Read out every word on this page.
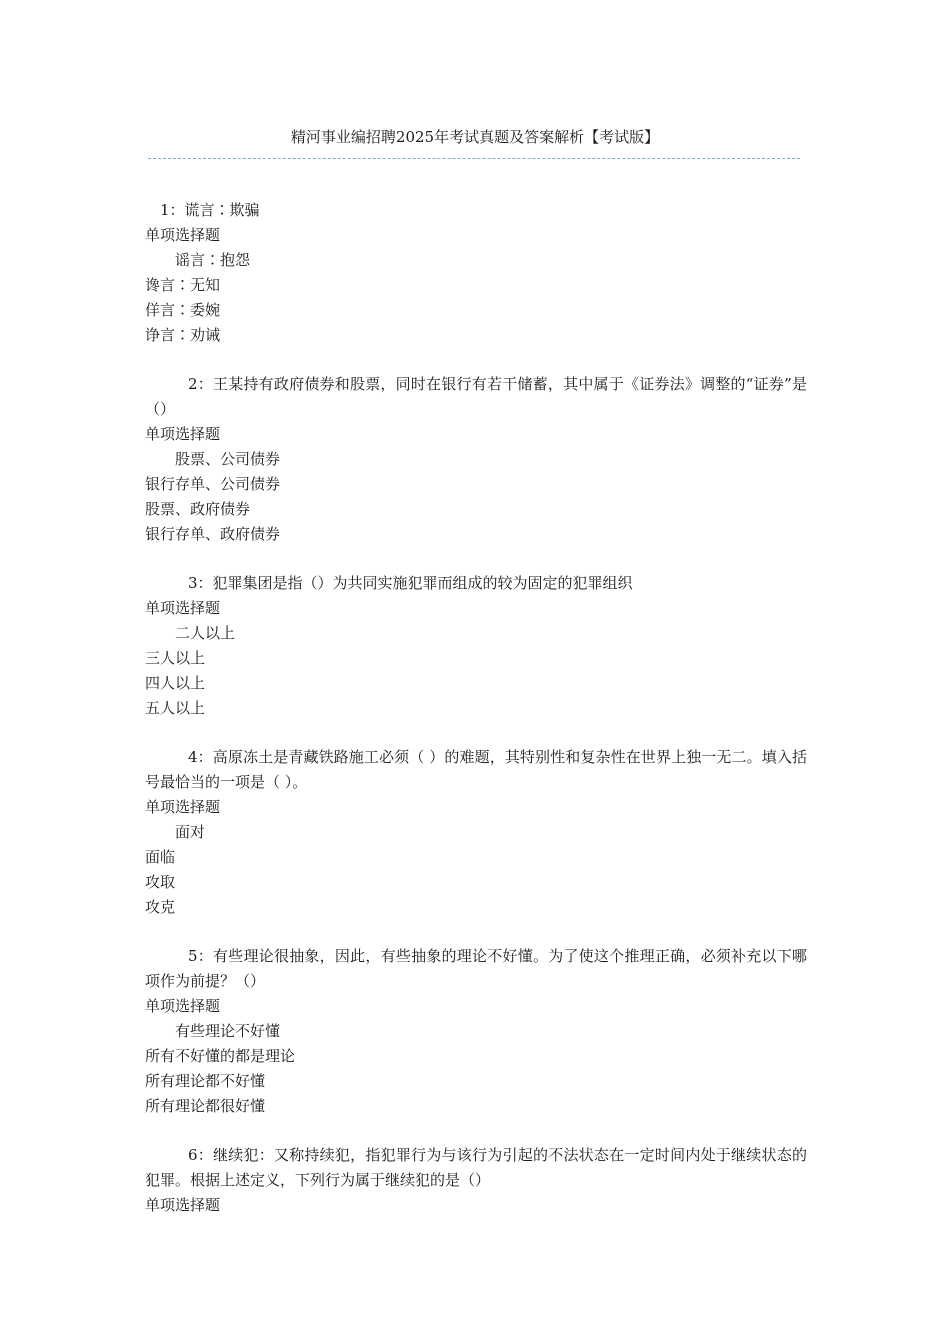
精河事业编招聘2025年考试真题及答案解析【考试版】

1：谎言∶欺骗

单项选择题

谣言∶抱怨

谗言∶无知

佯言∶委婉

诤言∶劝诫

2：王某持有政府债券和股票，同时在银行有若干储蓄，其中属于《证券法》调整的“证券”是（）

单项选择题

股票、公司债券

银行存单、公司债券

股票、政府债券

银行存单、政府债券

3：犯罪集团是指（）为共同实施犯罪而组成的较为固定的犯罪组织

单项选择题

二人以上

三人以上

四人以上

五人以上

4：高原冻土是青藏铁路施工必须（ ）的难题，其特别性和复杂性在世界上独一无二。填入括号最恰当的一项是（ ）。

单项选择题

面对

面临

攻取

攻克

5：有些理论很抽象，因此，有些抽象的理论不好懂。为了使这个推理正确，必须补充以下哪项作为前提？（）

单项选择题

有些理论不好懂

所有不好懂的都是理论

所有理论都不好懂

所有理论都很好懂

6：继续犯：又称持续犯，指犯罪行为与该行为引起的不法状态在一定时间内处于继续状态的犯罪。根据上述定义，下列行为属于继续犯的是（）

单项选择题
